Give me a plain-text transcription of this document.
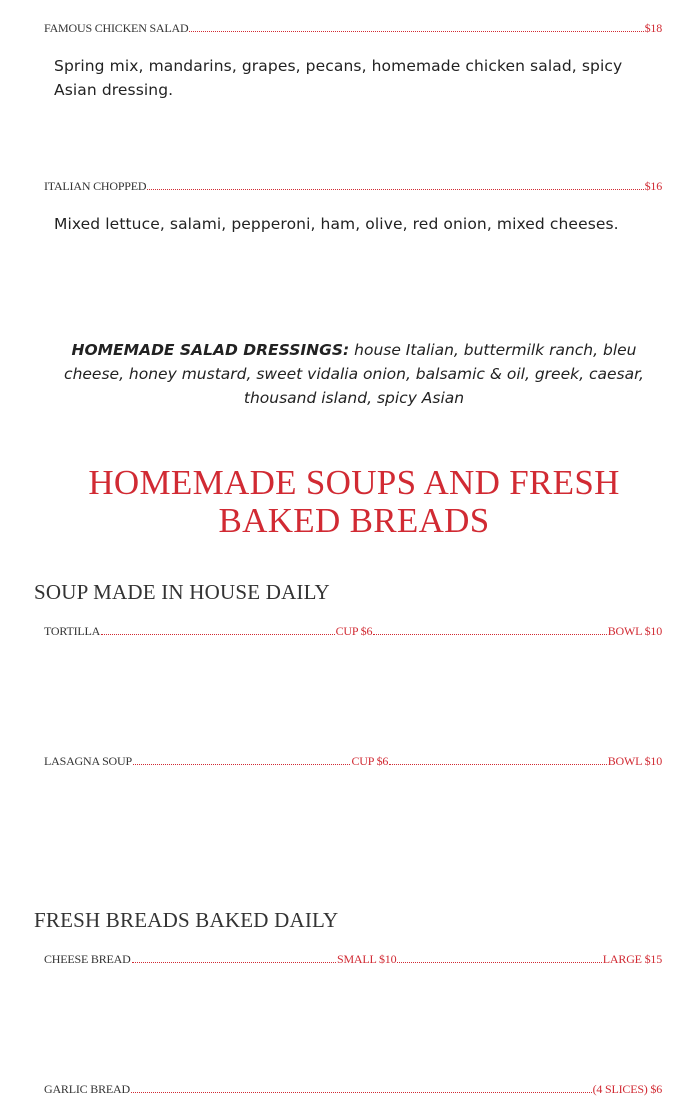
FAMOUS CHICKEN SALAD	$18
Spring mix, mandarins, grapes, pecans, homemade chicken salad, spicy Asian dressing.
ITALIAN CHOPPED	$16
Mixed lettuce, salami, pepperoni, ham, olive, red onion, mixed cheeses.
HOMEMADE SALAD DRESSINGS: house Italian, buttermilk ranch, bleu cheese, honey mustard, sweet vidalia onion, balsamic & oil, greek, caesar, thousand island, spicy Asian
HOMEMADE SOUPS AND FRESH BAKED BREADS
SOUP MADE IN HOUSE DAILY
TORTILLA	CUP $6	BOWL $10
LASAGNA SOUP	CUP $6	BOWL $10
FRESH BREADS BAKED DAILY
CHEESE BREAD	SMALL $10	LARGE $15
GARLIC BREAD	(4 SLICES) $6
